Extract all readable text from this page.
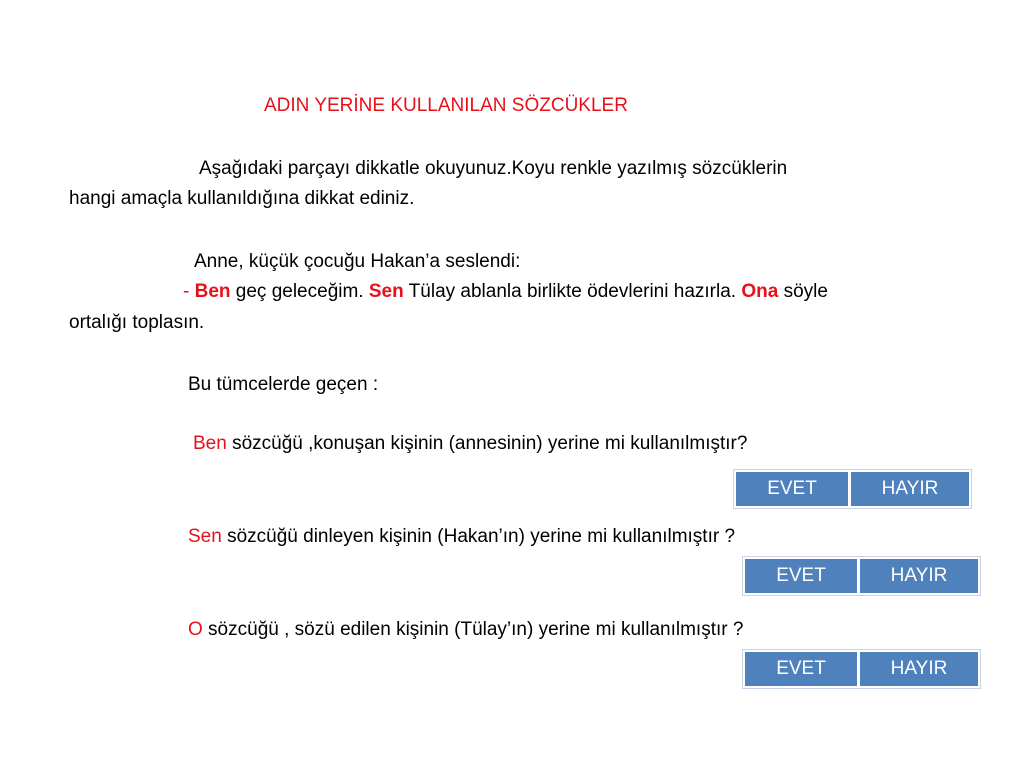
ADIN YERİNE KULLANILAN SÖZCÜKLER
Aşağıdaki parçayı dikkatle okuyunuz.Koyu renkle yazılmış sözcüklerin
hangi amaçla kullanıldığına dikkat ediniz.
Anne, küçük çocuğu Hakan’a seslendi:
- Ben geç geleceğim. Sen Tülay ablanla birlikte ödevlerini hazırla. Ona söyle
ortalığı toplasın.
Bu tümcelerde geçen :
Ben sözcüğü ,konuşan kişinin (annesinin) yerine mi kullanılmıştır?
EVET	HAYIR
Sen sözcüğü dinleyen kişinin (Hakan’ın) yerine mi kullanılmıştır ?
EVET	HAYIR
O sözcüğü , sözü edilen kişinin (Tülay’ın) yerine mi kullanılmıştır ?
EVET	HAYIR
